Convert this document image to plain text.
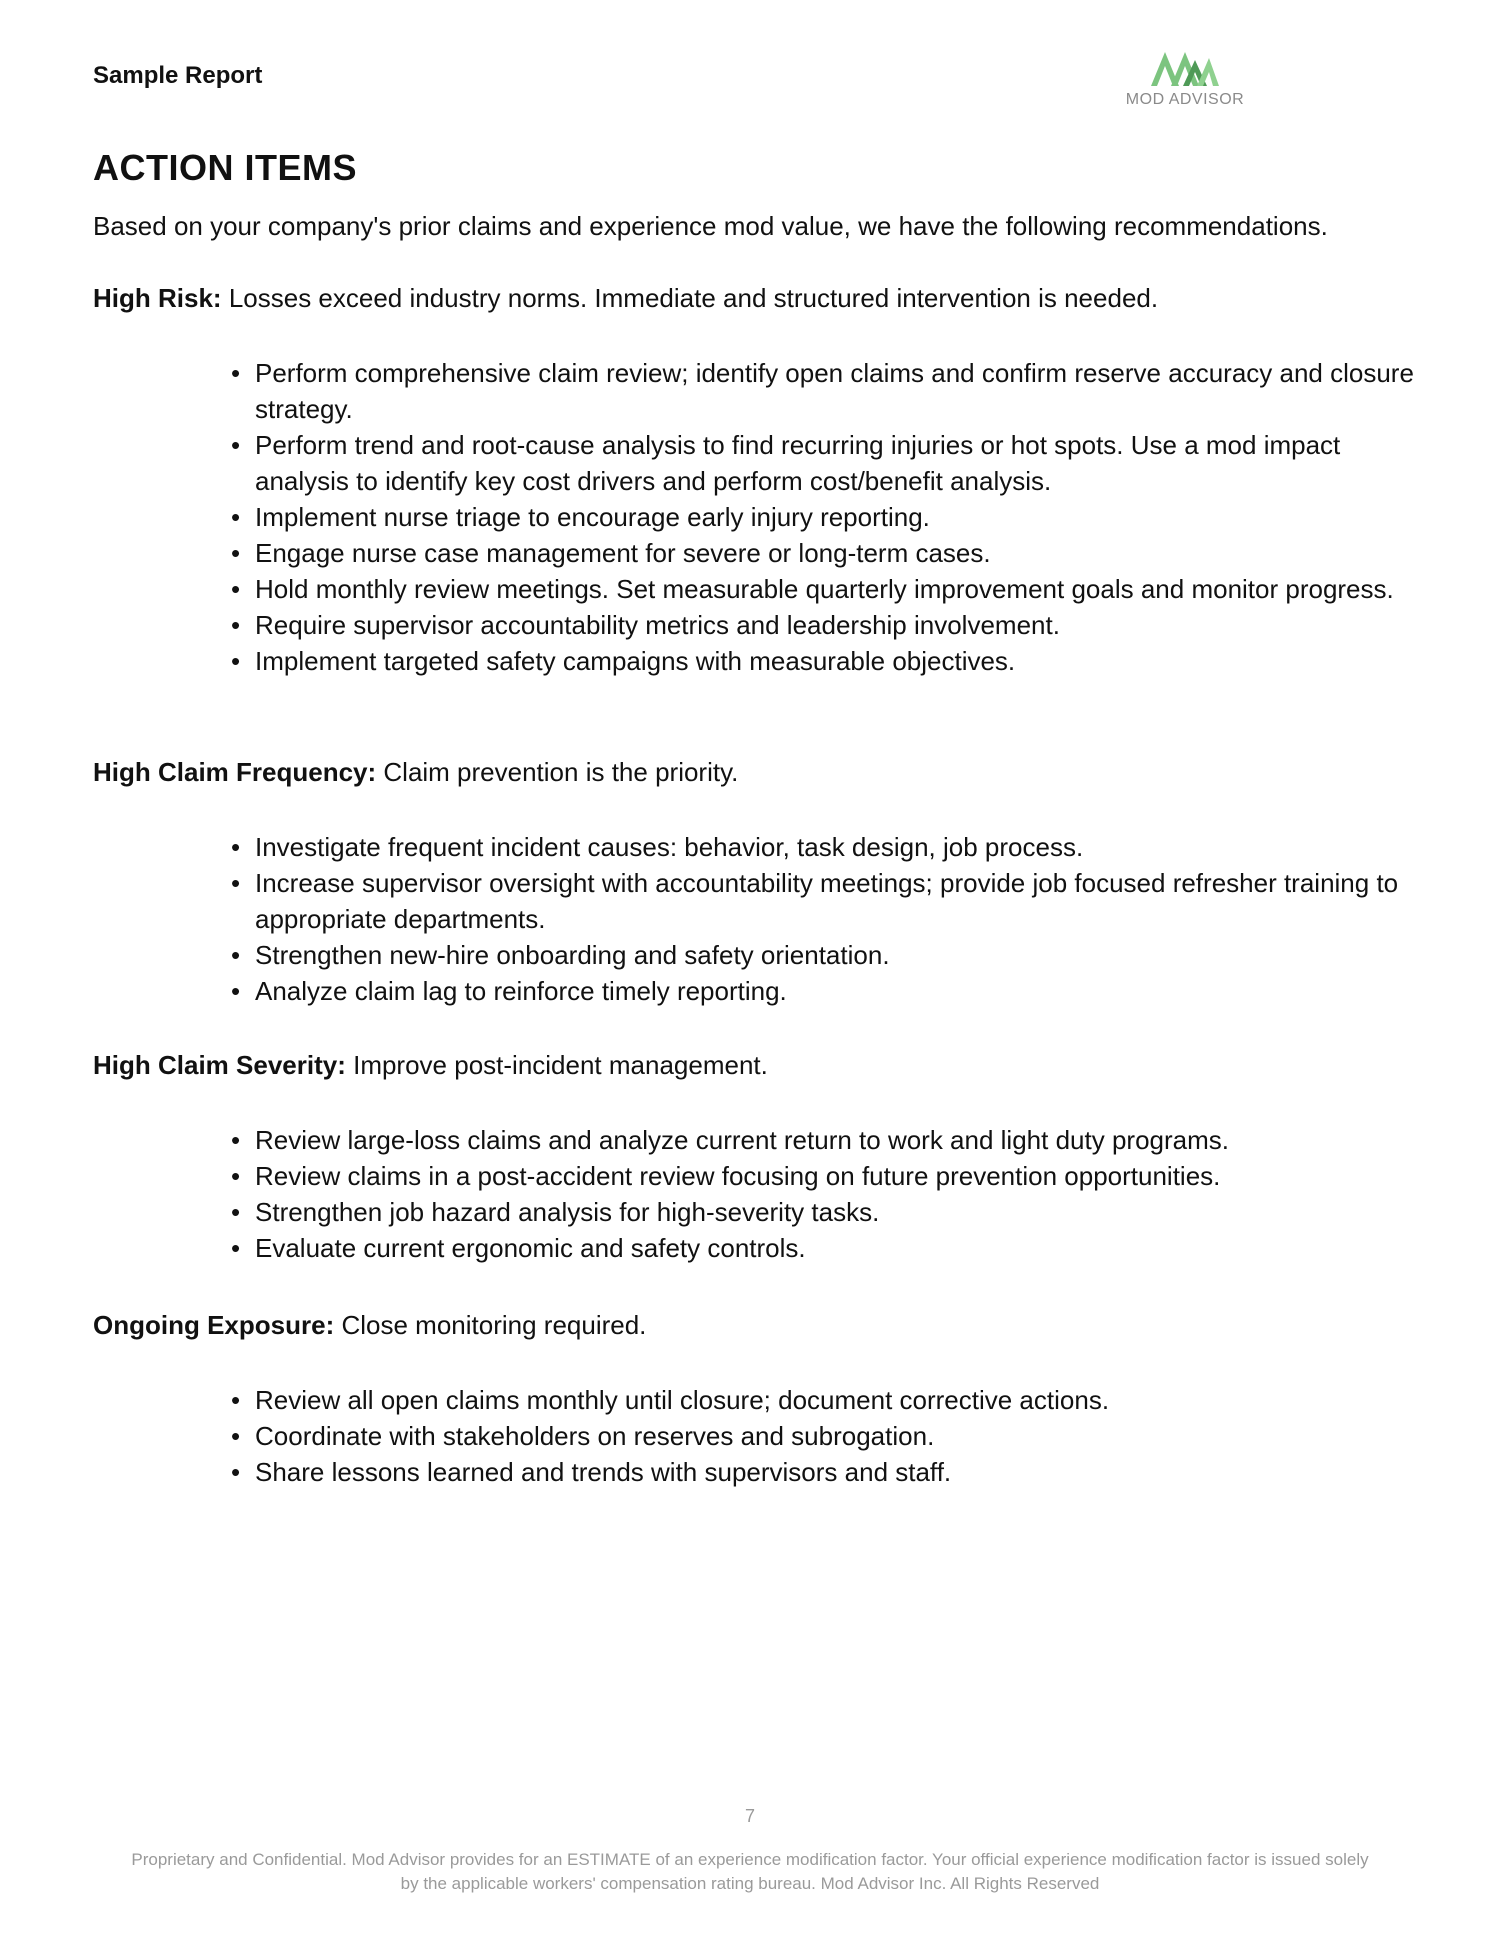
Sample Report
MOD ADVISOR
ACTION ITEMS

Based on your company's prior claims and experience mod value, we have the following recommendations.

High Risk: Losses exceed industry norms. Immediate and structured intervention is needed.

• Perform comprehensive claim review; identify open claims and confirm reserve accuracy and closure strategy.
• Perform trend and root-cause analysis to find recurring injuries or hot spots. Use a mod impact analysis to identify key cost drivers and perform cost/benefit analysis.
• Implement nurse triage to encourage early injury reporting.
• Engage nurse case management for severe or long-term cases.
• Hold monthly review meetings. Set measurable quarterly improvement goals and monitor progress.
• Require supervisor accountability metrics and leadership involvement.
• Implement targeted safety campaigns with measurable objectives.

High Claim Frequency: Claim prevention is the priority.

• Investigate frequent incident causes: behavior, task design, job process.
• Increase supervisor oversight with accountability meetings; provide job focused refresher training to appropriate departments.
• Strengthen new-hire onboarding and safety orientation.
• Analyze claim lag to reinforce timely reporting.

High Claim Severity: Improve post-incident management.

• Review large-loss claims and analyze current return to work and light duty programs.
• Review claims in a post-accident review focusing on future prevention opportunities.
• Strengthen job hazard analysis for high-severity tasks.
• Evaluate current ergonomic and safety controls.

Ongoing Exposure: Close monitoring required.

• Review all open claims monthly until closure; document corrective actions.
• Coordinate with stakeholders on reserves and subrogation.
• Share lessons learned and trends with supervisors and staff.
7
Proprietary and Confidential. Mod Advisor provides for an ESTIMATE of an experience modification factor. Your official experience modification factor is issued solely
by the applicable workers' compensation rating bureau. Mod Advisor Inc. All Rights Reserved
